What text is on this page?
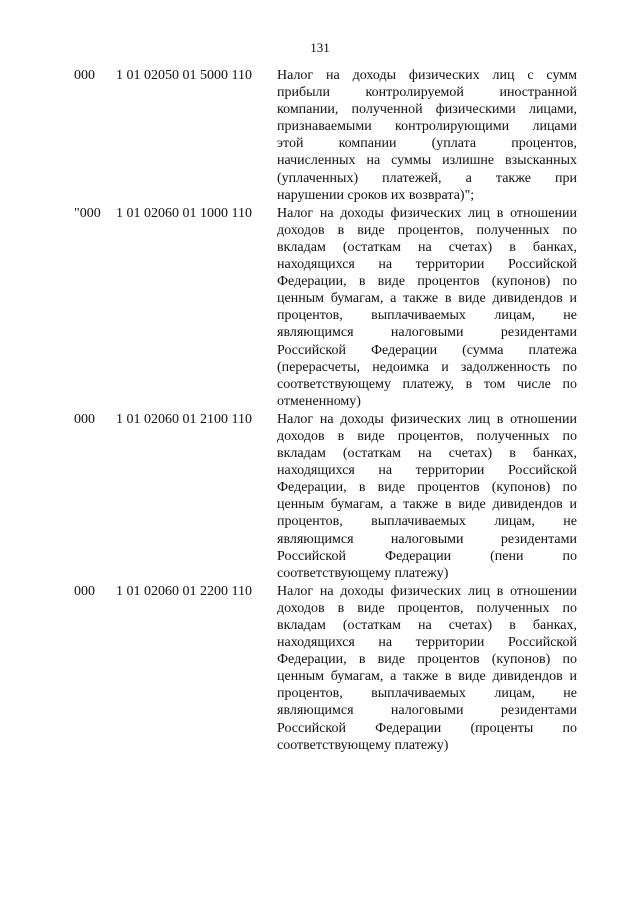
131
000	1 01 02050 01 5000 110	Налог на доходы физических лиц с сумм
прибыли контролируемой иностранной
компании, полученной физическими лицами,
признаваемыми контролирующими лицами
этой компании (уплата процентов,
начисленных на суммы излишне взысканных
(уплаченных) платежей, а также при
нарушении сроков их возврата)";
"000	1 01 02060 01 1000 110	Налог на доходы физических лиц в отношении
доходов в виде процентов, полученных по
вкладам (остаткам на счетах) в банках,
находящихся на территории Российской
Федерации, в виде процентов (купонов) по
ценным бумагам, а также в виде дивидендов и
процентов, выплачиваемых лицам, не
являющимся налоговыми резидентами
Российской Федерации (сумма платежа
(перерасчеты, недоимка и задолженность по
соответствующему платежу, в том числе по
отмененному)
000	1 01 02060 01 2100 110	Налог на доходы физических лиц в отношении
доходов в виде процентов, полученных по
вкладам (остаткам на счетах) в банках,
находящихся на территории Российской
Федерации, в виде процентов (купонов) по
ценным бумагам, а также в виде дивидендов и
процентов, выплачиваемых лицам, не
являющимся налоговыми резидентами
Российской Федерации (пени по
соответствующему платежу)
000	1 01 02060 01 2200 110	Налог на доходы физических лиц в отношении
доходов в виде процентов, полученных по
вкладам (остаткам на счетах) в банках,
находящихся на территории Российской
Федерации, в виде процентов (купонов) по
ценным бумагам, а также в виде дивидендов и
процентов, выплачиваемых лицам, не
являющимся налоговыми резидентами
Российской Федерации (проценты по
соответствующему платежу)
